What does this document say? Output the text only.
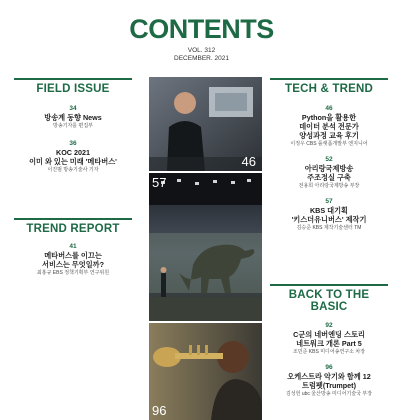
CONTENTS
VOL. 312
DECEMBER. 2021
FIELD ISSUE
34
방송계 동향 News
방송기자를 편집부
36
KOC 2021
이미 와 있는 미래 '메타버스'
이진범 방송기술사 기자
TREND REPORT
41
메타버스를 이끄는
서비스는 무엇일까?
최홍규 EBS 정책기획부 연구위원
TECH & TREND
46
Python을 활용한
데이터 분석 전문가
양성과정 교육 후기
이정우 CBS 플랫폼개발부 엔지니어
52
아리랑국제방송
주조정실 구축
전용희 아리랑국제방송 부장
57
KBS 대기획
'키스더유니버스' 제작기
김승준 KBS 제작기술센터 TM
BACK TO THE BASIC
92
C군의 네버엔딩 스토리
네트워크 개론 Part 5
조민준 KBS 미디어송연구소 차장
96
오케스트라 악기와 함께 12
트럼펫(Trumpet)
김성헌 ubc 울산방송 미디어기술국 부장
46
57
96
